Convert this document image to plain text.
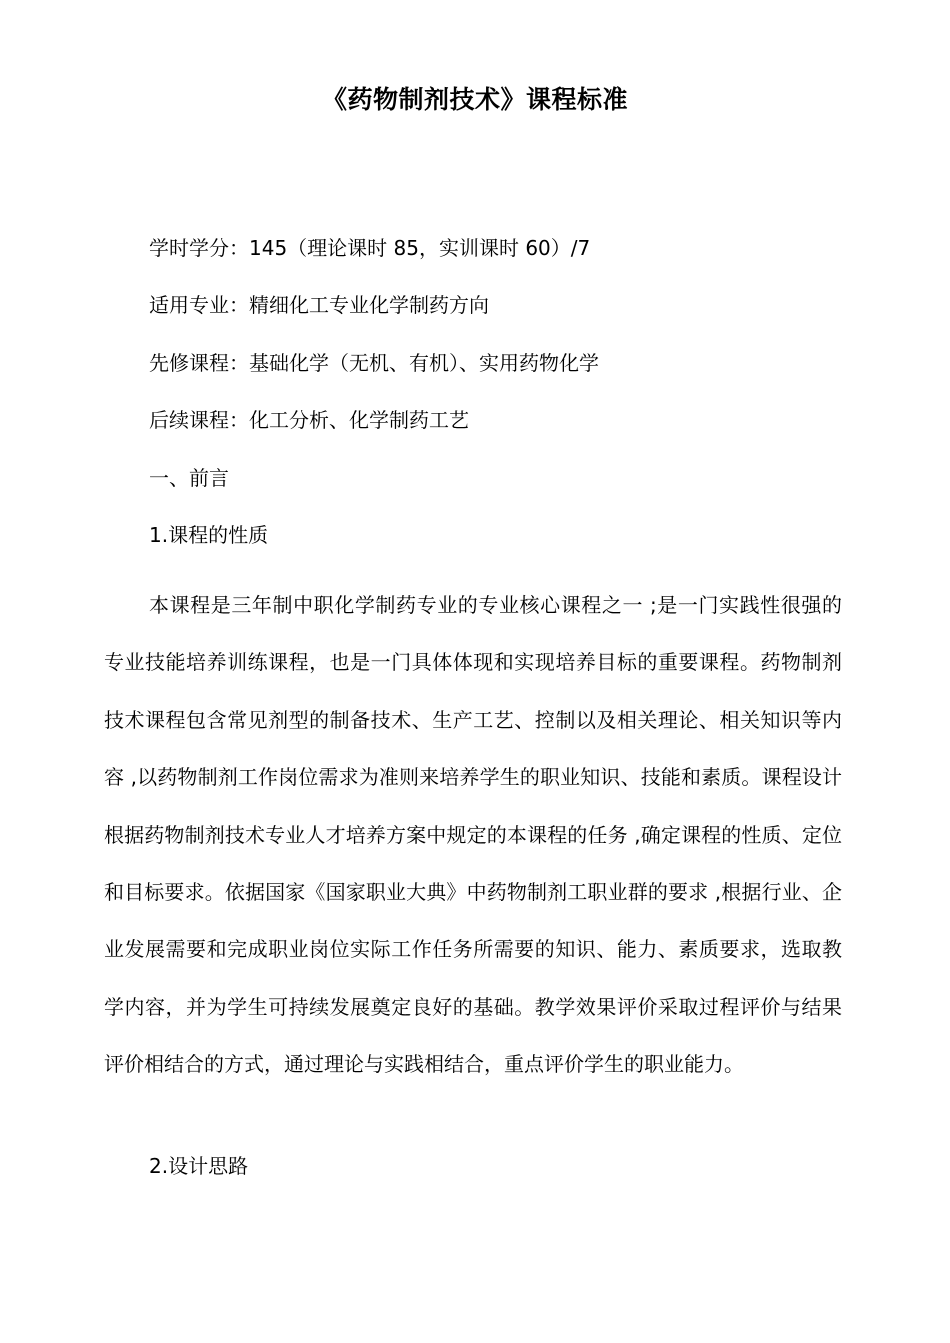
《药物制剂技术》课程标准
学时学分：145（理论课时 85，实训课时 60）/7
适用专业：精细化工专业化学制药方向
先修课程：基础化学（无机、有机）、实用药物化学
后续课程：化工分析、化学制药工艺
一、前言
1.课程的性质

本课程是三年制中职化学制药专业的专业核心课程之一 ;是一门实践性很强的专业技能培养训练课程，也是一门具体体现和实现培养目标的重要课程。药物制剂技术课程包含常见剂型的制备技术、生产工艺、控制以及相关理论、相关知识等内容 ,以药物制剂工作岗位需求为准则来培养学生的职业知识、技能和素质。课程设计根据药物制剂技术专业人才培养方案中规定的本课程的任务 ,确定课程的性质、定位和目标要求。依据国家《国家职业大典》中药物制剂工职业群的要求 ,根据行业、企业发展需要和完成职业岗位实际工作任务所需要的知识、能力、素质要求，选取教学内容，并为学生可持续发展奠定良好的基础。教学效果评价采取过程评价与结果评价相结合的方式，通过理论与实践相结合，重点评价学生的职业能力。

2.设计思路
